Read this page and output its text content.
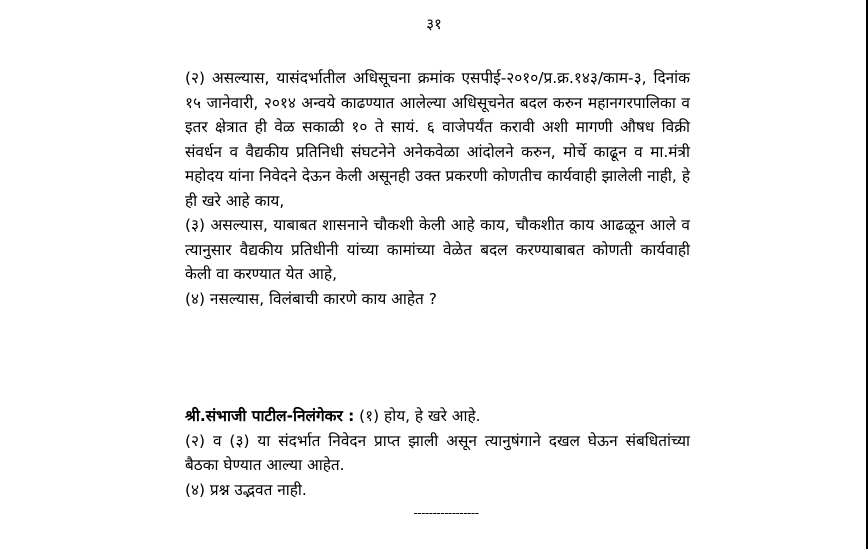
३१

(२) असल्यास, यासंदर्भातील अधिसूचना क्रमांक एसपीई-२०१०/प्र.क्र.१४३/काम-३, दिनांक १५ जानेवारी, २०१४ अन्वये काढण्यात आलेल्या अधिसूचनेत बदल करुन महानगरपालिका व इतर क्षेत्रात ही वेळ सकाळी १० ते सायं. ६ वाजेपर्यंत करावी अशी मागणी औषध विक्री संवर्धन व वैद्यकीय प्रतिनिधी संघटनेने अनेकवेळा आंदोलने करुन, मोर्चे काढून व मा.मंत्री महोदय यांना निवेदने देऊन केली असूनही उक्त प्रकरणी कोणतीच कार्यवाही झालेली नाही, हे ही खरे आहे काय,

(३) असल्यास, याबाबत शासनाने चौकशी केली आहे काय, चौकशीत काय आढळून आले व त्यानुसार वैद्यकीय प्रतिधीनी यांच्या कामांच्या वेळेत बदल करण्याबाबत कोणती कार्यवाही केली वा करण्यात येत आहे,

(४) नसल्यास, विलंबाची कारणे काय आहेत ?

श्री.संभाजी पाटील-निलंगेकर : (१) होय, हे खरे आहे.

(२) व (३) या संदर्भात निवेदन प्राप्त झाली असून त्यानुषंगाने दखल घेऊन संबधितांच्या बैठका घेण्यात आल्या आहेत.

(४) प्रश्न उद्भवत नाही.

-----------------
